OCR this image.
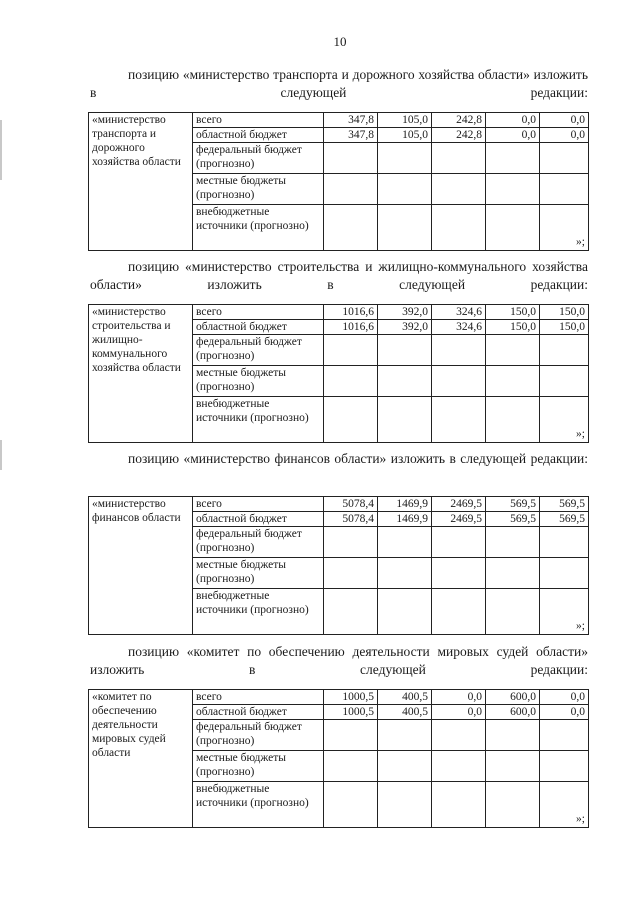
10
позицию «министерство транспорта и дорожного хозяйства области» изложить в следующей редакции:
«министерство транспорта и дорожного хозяйства области	всего	347,8	105,0	242,8	0,0	0,0
	областной бюджет	347,8	105,0	242,8	0,0	0,0
	федеральный бюджет (прогнозно)					
	местные бюджеты (прогнозно)					
	внебюджетные источники (прогнозно)					»;
позицию «министерство строительства и жилищно-коммунального хозяйства области» изложить в следующей редакции:
«министерство строительства и жилищно-коммунального хозяйства области	всего	1016,6	392,0	324,6	150,0	150,0
	областной бюджет	1016,6	392,0	324,6	150,0	150,0
	федеральный бюджет (прогнозно)					
	местные бюджеты (прогнозно)					
	внебюджетные источники (прогнозно)					»;
позицию «министерство финансов области» изложить в следующей редакции:
«министерство финансов области	всего	5078,4	1469,9	2469,5	569,5	569,5
	областной бюджет	5078,4	1469,9	2469,5	569,5	569,5
	федеральный бюджет (прогнозно)					
	местные бюджеты (прогнозно)					
	внебюджетные источники (прогнозно)					»;
позицию «комитет по обеспечению деятельности мировых судей области» изложить в следующей редакции:
«комитет по обеспечению деятельности мировых судей области	всего	1000,5	400,5	0,0	600,0	0,0
	областной бюджет	1000,5	400,5	0,0	600,0	0,0
	федеральный бюджет (прогнозно)					
	местные бюджеты (прогнозно)					
	внебюджетные источники (прогнозно)					»;
